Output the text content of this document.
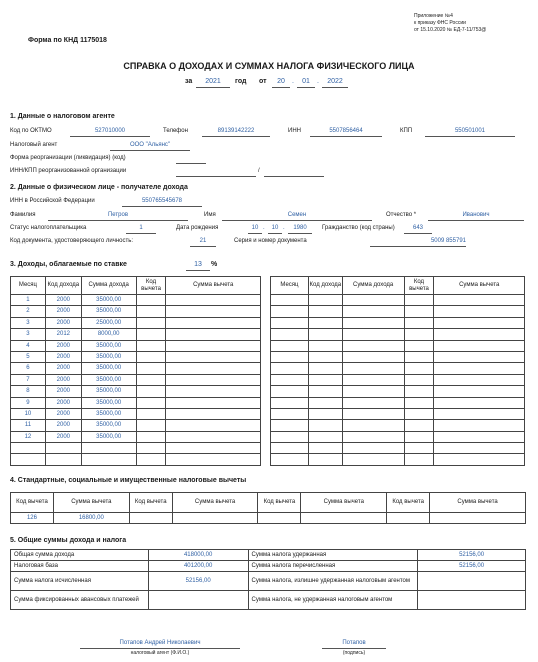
Приложение №4
к приказу ФНС России
от 15.10.2020 № ЕД-7-11/753@
Форма по КНД 1175018
СПРАВКА О ДОХОДАХ И СУММАХ НАЛОГА ФИЗИЧЕСКОГО ЛИЦА
за	2021	год от	20	.	01	.	2022
1. Данные о налоговом агенте
Код по ОКТМО	527010000	Телефон	89139142222	ИНН	5507856464	КПП	550501001
Налоговый агент	ООО "Альянс"
Форма реорганизации (ликвидация) (код)
ИНН/КПП реорганизованной организации	/
2. Данные о физическом лице - получателе дохода
ИНН в Российской Федерации	550765545678
Фамилия	Петров	Имя	Семен	Отчество *	Иванович
Статус налогоплательщика	1	Дата рождения	10 .	10 .	1980	Гражданство (код страны)	643
Код документа, удостоверяющего личность:	21	Серия и номер документа	5009 855791
3. Доходы, облагаемые по ставке	13	%
Месяц	Код дохода	Сумма дохода	Код вычета	Сумма вычета
1	2000	35000,00		
2	2000	35000,00		
3	2000	25000,00		
3	2012	8000,00		
4	2000	35000,00		
5	2000	35000,00		
6	2000	35000,00		
7	2000	35000,00		
8	2000	35000,00		
9	2000	35000,00		
10	2000	35000,00		
11	2000	35000,00		
12	2000	35000,00		

Месяц	Код дохода	Сумма дохода	Код вычета	Сумма вычета

4. Стандартные, социальные и имущественные налоговые вычеты
Код вычета	Сумма вычета	Код вычета	Сумма вычета	Код вычета	Сумма вычета	Код вычета	Сумма вычета
126	16800,00						
5. Общие суммы дохода и налога
Общая сумма дохода	418000,00	Сумма налога удержанная	52156,00
Налоговая база	401200,00	Сумма налога перечисленная	52156,00
Сумма налога исчисленная	52156,00	Сумма налога, излишне удержанная налоговым агентом	
Сумма фиксированных авансовых платежей		Сумма налога, не удержанная налоговым агентом	
Потапов Андрей Николаевич
налоговый агент (Ф.И.О.)
Потапов
(подпись)
